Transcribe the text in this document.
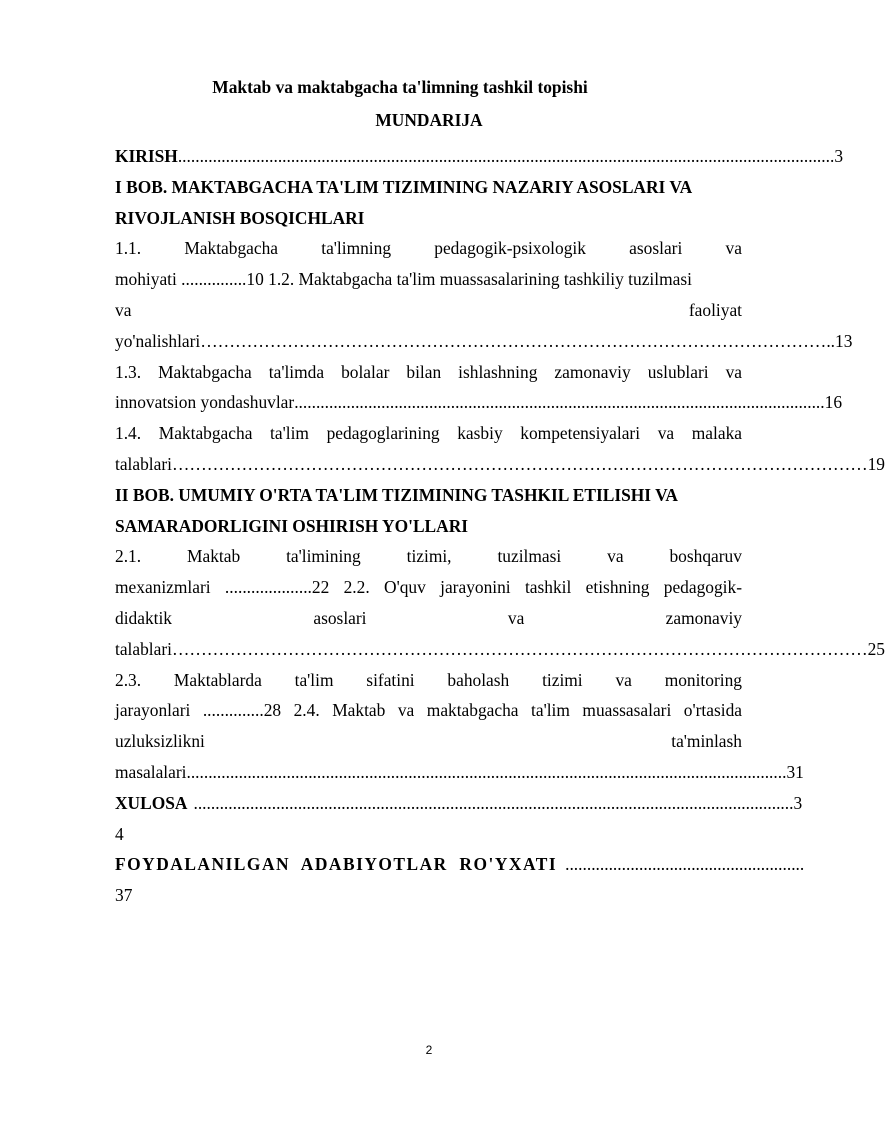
Maktab va maktabgacha ta'limning tashkil topishi
MUNDARIJA
KIRISH ....................................................................................................................................................... 3
I BOB. MAKTABGACHA TA'LIM TIZIMINING NAZARIY ASOSLARI VA
RIVOJLANISH BOSQICHLARI
1.1. Maktabgacha ta'limning pedagogik-psixologik asoslari va
mohiyati ...............10 1.2. Maktabgacha ta'lim muassasalarining tashkiliy tuzilmasi
va	faoliyat
yo'nalishlari ……………………………………………………………………………………………….. 13
1.3. Maktabgacha ta'limda bolalar bilan ishlashning zamonaviy uslublari va
innovatsion yondashuvlar .......................................................................................................................... 16
1.4. Maktabgacha ta'lim pedagoglarining kasbiy kompetensiyalari va malaka
talablari ………………………………………………………………………………………………………… 19
II BOB. UMUMIY O'RTA TA'LIM TIZIMINING TASHKIL ETILISHI VA
SAMARADORLIGINI OSHIRISH YO'LLARI
2.1.	Maktab	ta'limining	tizimi,	tuzilmasi	va	boshqaruv
mexanizmlari ....................22 2.2. O'quv jarayonini tashkil etishning pedagogik-
didaktik	asoslari	va	zamonaviy
talablari ………………………………………………………………………………………………………… 25
2.3. Maktablarda ta'lim sifatini baholash tizimi va monitoring
jarayonlari ..............28 2.4. Maktab va maktabgacha ta'lim muassasalari o'rtasida
uzluksizlikni	ta'minlash
masalalari .......................................................................................................................................... 31
XULOSA .......................................................................................................................................... 3
4
FOYDALANILGAN  ADABIYOTLAR  RO'YXATI .......................................................
37
2
